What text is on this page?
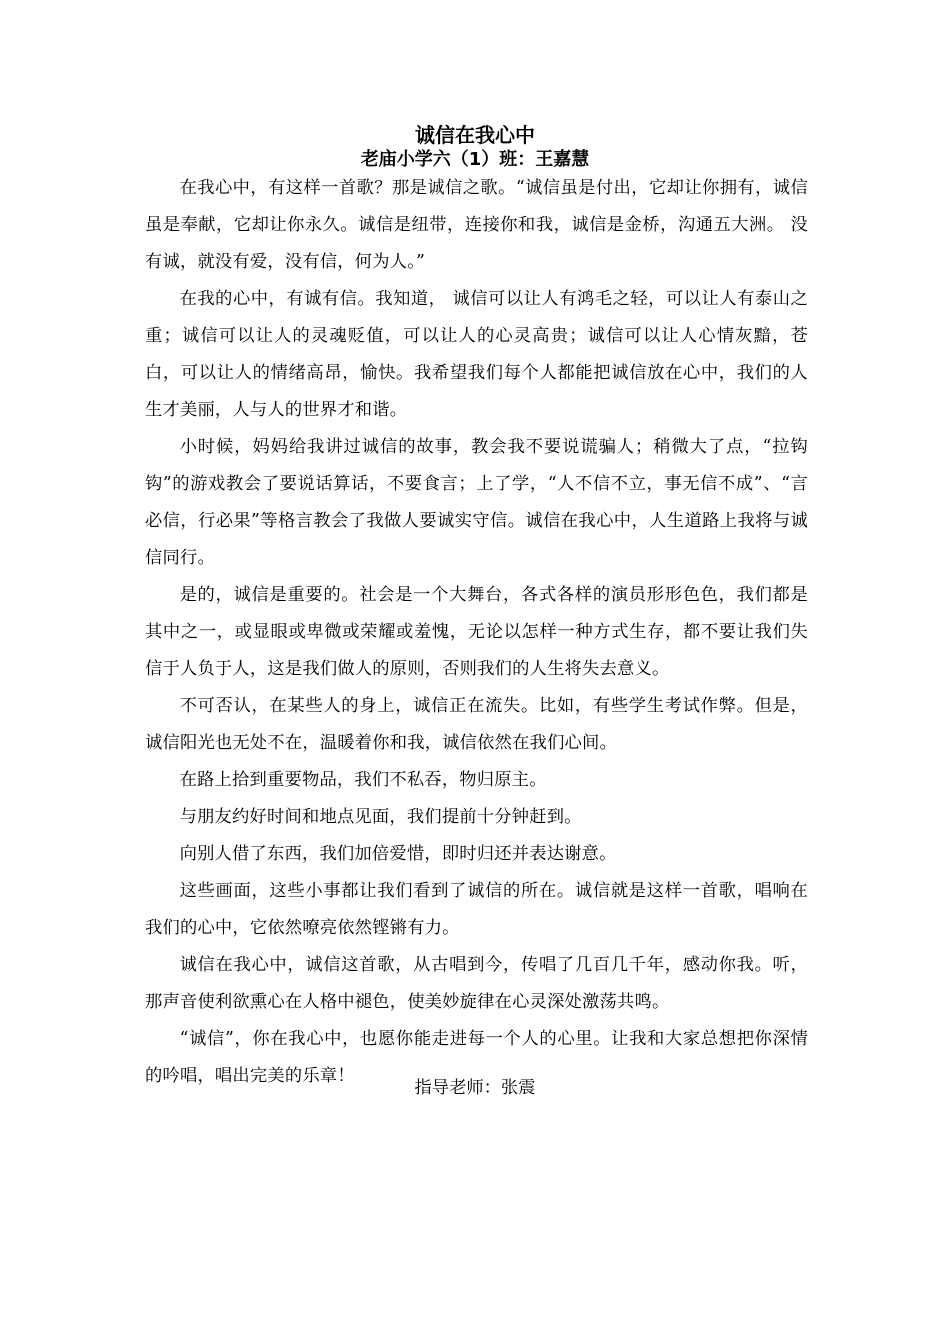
诚信在我心中
老庙小学六（1）班：王嘉慧

在我心中，有这样一首歌？那是诚信之歌。“诚信虽是付出，它却让你拥有，诚信虽是奉献，它却让你永久。诚信是纽带，连接你和我，诚信是金桥，沟通五大洲。 没有诚，就没有爱，没有信，何为人。”

在我的心中，有诚有信。我知道， 诚信可以让人有鸿毛之轻，可以让人有泰山之重；诚信可以让人的灵魂贬值，可以让人的心灵高贵；诚信可以让人心情灰黯，苍白，可以让人的情绪高昂，愉快。我希望我们每个人都能把诚信放在心中，我们的人生才美丽，人与人的世界才和谐。

小时候，妈妈给我讲过诚信的故事，教会我不要说谎骗人；稍微大了点，“拉钩钩”的游戏教会了要说话算话，不要食言；上了学，“人不信不立，事无信不成”、“言必信，行必果”等格言教会了我做人要诚实守信。诚信在我心中，人生道路上我将与诚信同行。

是的，诚信是重要的。社会是一个大舞台，各式各样的演员形形色色，我们都是其中之一，或显眼或卑微或荣耀或羞愧，无论以怎样一种方式生存，都不要让我们失信于人负于人，这是我们做人的原则，否则我们的人生将失去意义。

不可否认，在某些人的身上，诚信正在流失。比如，有些学生考试作弊。但是，诚信阳光也无处不在，温暖着你和我，诚信依然在我们心间。

在路上拾到重要物品，我们不私吞，物归原主。

与朋友约好时间和地点见面，我们提前十分钟赶到。

向别人借了东西，我们加倍爱惜，即时归还并表达谢意。

这些画面，这些小事都让我们看到了诚信的所在。诚信就是这样一首歌，唱响在我们的心中，它依然嘹亮依然铿锵有力。

诚信在我心中，诚信这首歌，从古唱到今，传唱了几百几千年，感动你我。听，那声音使利欲熏心在人格中褪色，使美妙旋律在心灵深处激荡共鸣。

“诚信”，你在我心中，也愿你能走进每一个人的心里。让我和大家总想把你深情的吟唱，唱出完美的乐章！

指导老师：张震
